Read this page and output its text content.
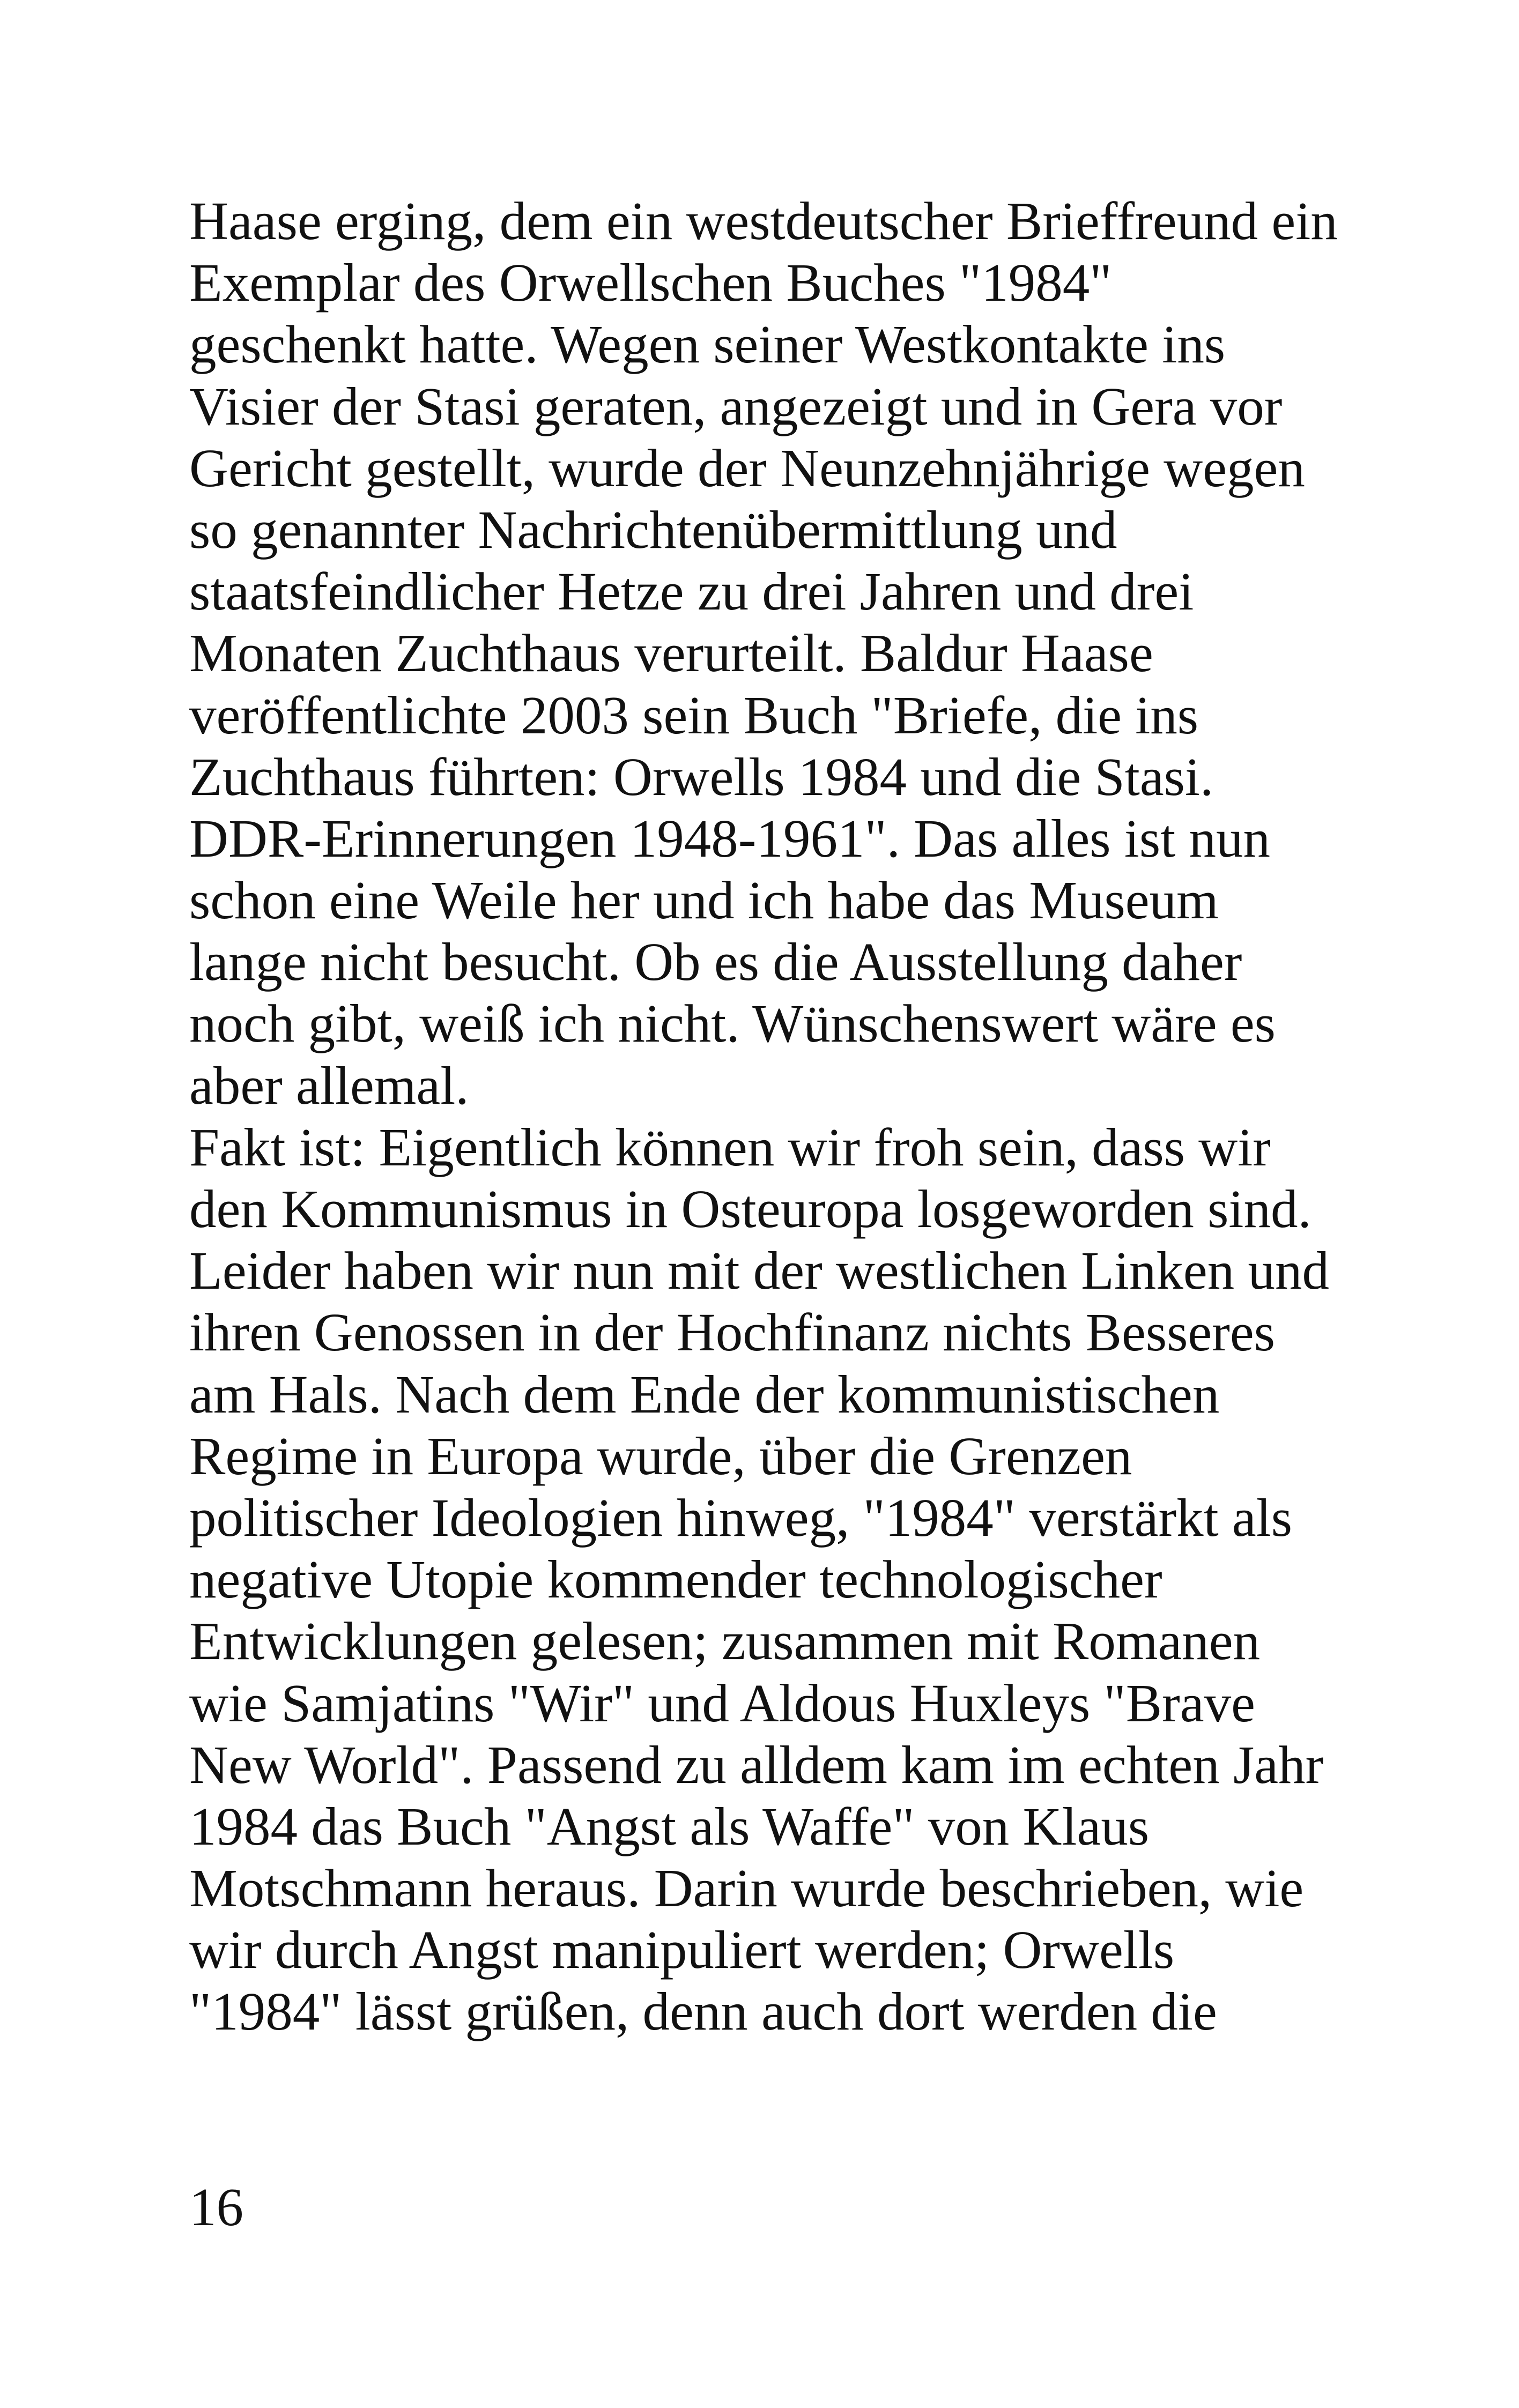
Haase erging, dem ein westdeutscher Brieffreund ein
Exemplar des Orwellschen Buches "1984"
geschenkt hatte. Wegen seiner Westkontakte ins
Visier der Stasi geraten, angezeigt und in Gera vor
Gericht gestellt, wurde der Neunzehnjährige wegen
so genannter Nachrichtenübermittlung und
staatsfeindlicher Hetze zu drei Jahren und drei
Monaten Zuchthaus verurteilt. Baldur Haase
veröffentlichte 2003 sein Buch "Briefe, die ins
Zuchthaus führten: Orwells 1984 und die Stasi.
DDR-Erinnerungen 1948-1961". Das alles ist nun
schon eine Weile her und ich habe das Museum
lange nicht besucht. Ob es die Ausstellung daher
noch gibt, weiß ich nicht. Wünschenswert wäre es
aber allemal.
Fakt ist: Eigentlich können wir froh sein, dass wir
den Kommunismus in Osteuropa losgeworden sind.
Leider haben wir nun mit der westlichen Linken und
ihren Genossen in der Hochfinanz nichts Besseres
am Hals. Nach dem Ende der kommunistischen
Regime in Europa wurde, über die Grenzen
politischer Ideologien hinweg, "1984" verstärkt als
negative Utopie kommender technologischer
Entwicklungen gelesen; zusammen mit Romanen
wie Samjatins "Wir" und Aldous Huxleys "Brave
New World". Passend zu alldem kam im echten Jahr
1984 das Buch "Angst als Waffe" von Klaus
Motschmann heraus. Darin wurde beschrieben, wie
wir durch Angst manipuliert werden; Orwells
"1984" lässt grüßen, denn auch dort werden die
16
